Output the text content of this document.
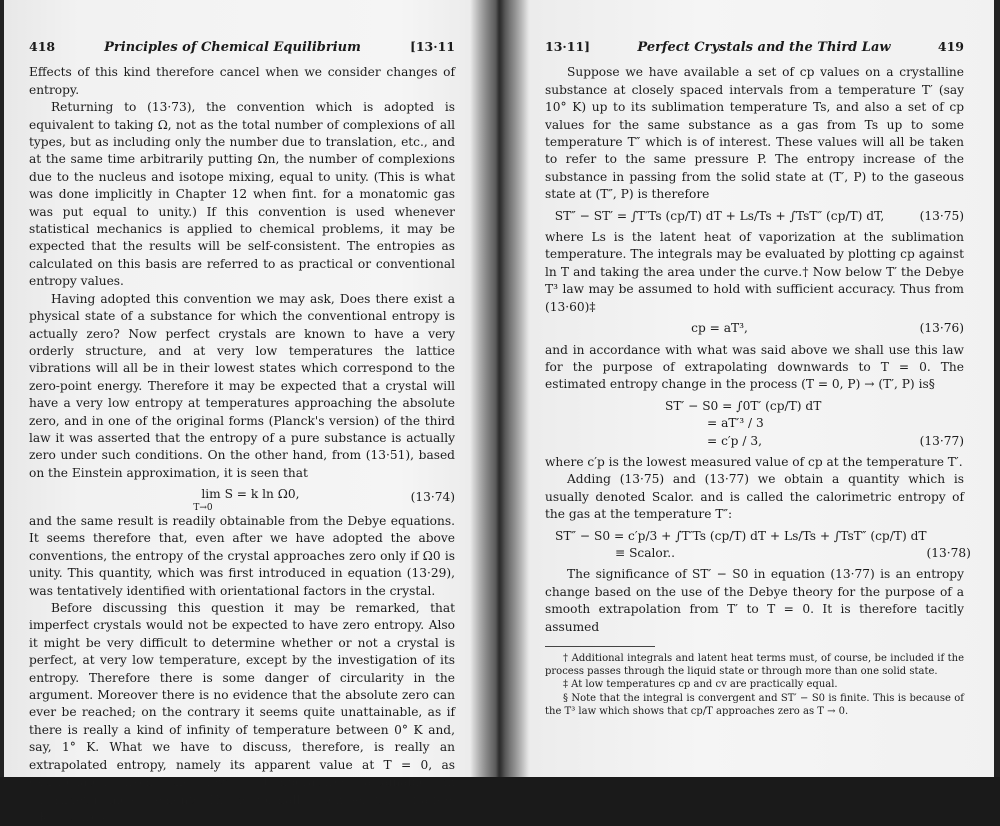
418	Principles of Chemical Equilibrium	[13·11

Effects of this kind therefore cancel when we consider changes of entropy.

Returning to (13·73), the convention which is adopted is equivalent to taking Ω, not as the total number of complexions of all types, but as including only the number due to translation, etc., and at the same time arbitrarily putting Ωn, the number of complexions due to the nucleus and isotope mixing, equal to unity. (This is what was done implicitly in Chapter 12 when fint. for a monatomic gas was put equal to unity.) If this convention is used whenever statistical mechanics is applied to chemical problems, it may be expected that the results will be self-consistent. The entropies as calculated on this basis are referred to as practical or conventional entropy values.

Having adopted this convention we may ask, Does there exist a physical state of a substance for which the conventional entropy is actually zero? Now perfect crystals are known to have a very orderly structure, and at very low temperatures the lattice vibrations will all be in their lowest states which correspond to the zero-point energy. Therefore it may be expected that a crystal will have a very low entropy at temperatures approaching the absolute zero, and in one of the original forms (Planck's version) of the third law it was asserted that the entropy of a pure substance is actually zero under such conditions. On the other hand, from (13·51), based on the Einstein approximation, it is seen that

lim S = k ln Ω0, $_{T\to 0}$
(13·74)

and the same result is readily obtainable from the Debye equations. It seems therefore that, even after we have adopted the above conventions, the entropy of the crystal approaches zero only if Ω0 is unity. This quantity, which was first introduced in equation (13·29), was tentatively identified with orientational factors in the crystal.

Before discussing this question it may be remarked, that imperfect crystals would not be expected to have zero entropy. Also it might be very difficult to determine whether or not a crystal is perfect, at very low temperature, except by the investigation of its entropy. Therefore there is some danger of circularity in the argument. Moreover there is no evidence that the absolute zero can ever be reached; on the contrary it seems quite unattainable, as if there is really a kind of infinity of temperature between 0° K and, say, 1° K. What we have to discuss, therefore, is really an extrapolated entropy, namely its apparent value at T = 0, as extrapolated from the lowest temperatures attainable in calorimetric measurements. This is normally a temperature of a few ° K upwards.

13·11]	Perfect Crystals and the Third Law	419

Suppose we have available a set of cp values on a crystalline substance at closely spaced intervals from a temperature T′ (say 10° K) up to its sublimation temperature Ts, and also a set of cp values for the same substance as a gas from Ts up to some temperature T″ which is of interest. These values will all be taken to refer to the same pressure P. The entropy increase of the substance in passing from the solid state at (T′, P) to the gaseous state at (T″, P) is therefore

ST″ − ST′ = ∫T′Ts (cp/T) dT + Ls/Ts + ∫TsT″ (cp/T) dT,	(13·75)

where Ls is the latent heat of vaporization at the sublimation temperature. The integrals may be evaluated by plotting cp against ln T and taking the area under the curve.† Now below T′ the Debye T³ law may be assumed to hold with sufficient accuracy. Thus from (13·60)‡

cp = aT³,	(13·76)

and in accordance with what was said above we shall use this law for the purpose of extrapolating downwards to T = 0. The estimated entropy change in the process (T = 0, P) → (T′, P) is§

ST′ − S0 = ∫0T′ (cp/T) dT
= aT′³ / 3
= c′p / 3,	(13·77)

where c′p is the lowest measured value of cp at the temperature T′.

Adding (13·75) and (13·77) we obtain a quantity which is usually denoted Scalor. and is called the calorimetric entropy of the gas at the temperature T″:

ST″ − S0 = c′p/3 + ∫T′Ts (cp/T) dT + Ls/Ts + ∫TsT″ (cp/T) dT
≡ Scalor..	(13·78)

The significance of ST′ − S0 in equation (13·77) is an entropy change based on the use of the Debye theory for the purpose of a smooth extrapolation from T′ to T = 0. It is therefore tacitly assumed

† Additional integrals and latent heat terms must, of course, be included if the process passes through the liquid state or through more than one solid state.

‡ At low temperatures cp and cv are practically equal.

§ Note that the integral is convergent and ST′ − S0 is finite. This is because of the T³ law which shows that cp/T approaches zero as T → 0.
